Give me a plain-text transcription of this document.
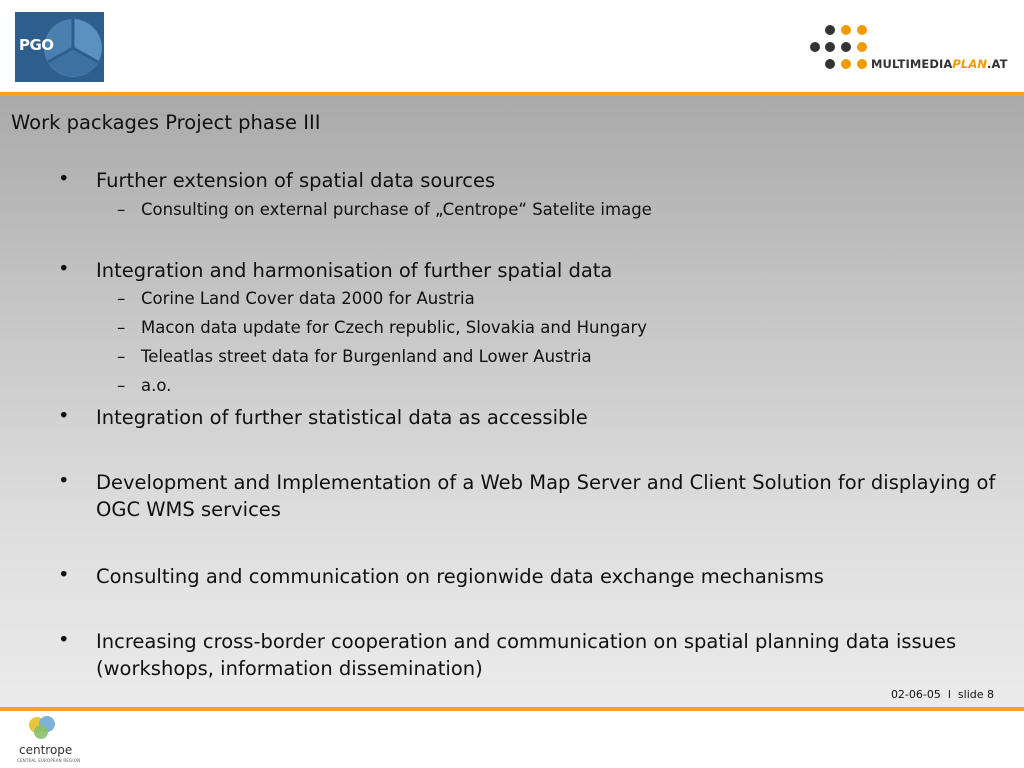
PGO
MULTIMEDIAPLAN.AT
Work packages Project phase III
• Further extension of spatial data sources
– Consulting on external purchase of „Centrope“ Satelite image
• Integration and harmonisation of further spatial data
– Corine Land Cover data 2000 for Austria
– Macon data update for Czech republic, Slovakia and Hungary
– Teleatlas street data for Burgenland and Lower Austria
– a.o.
• Integration of further statistical data as accessible
• Development and Implementation of a Web Map Server and Client Solution for displaying of OGC WMS services
• Consulting and communication on regionwide data exchange mechanisms
• Increasing cross-border cooperation and communication on spatial planning data issues (workshops, information dissemination)
02-06-05  l  slide 8
centrope
CENTRAL EUROPEAN REGION
